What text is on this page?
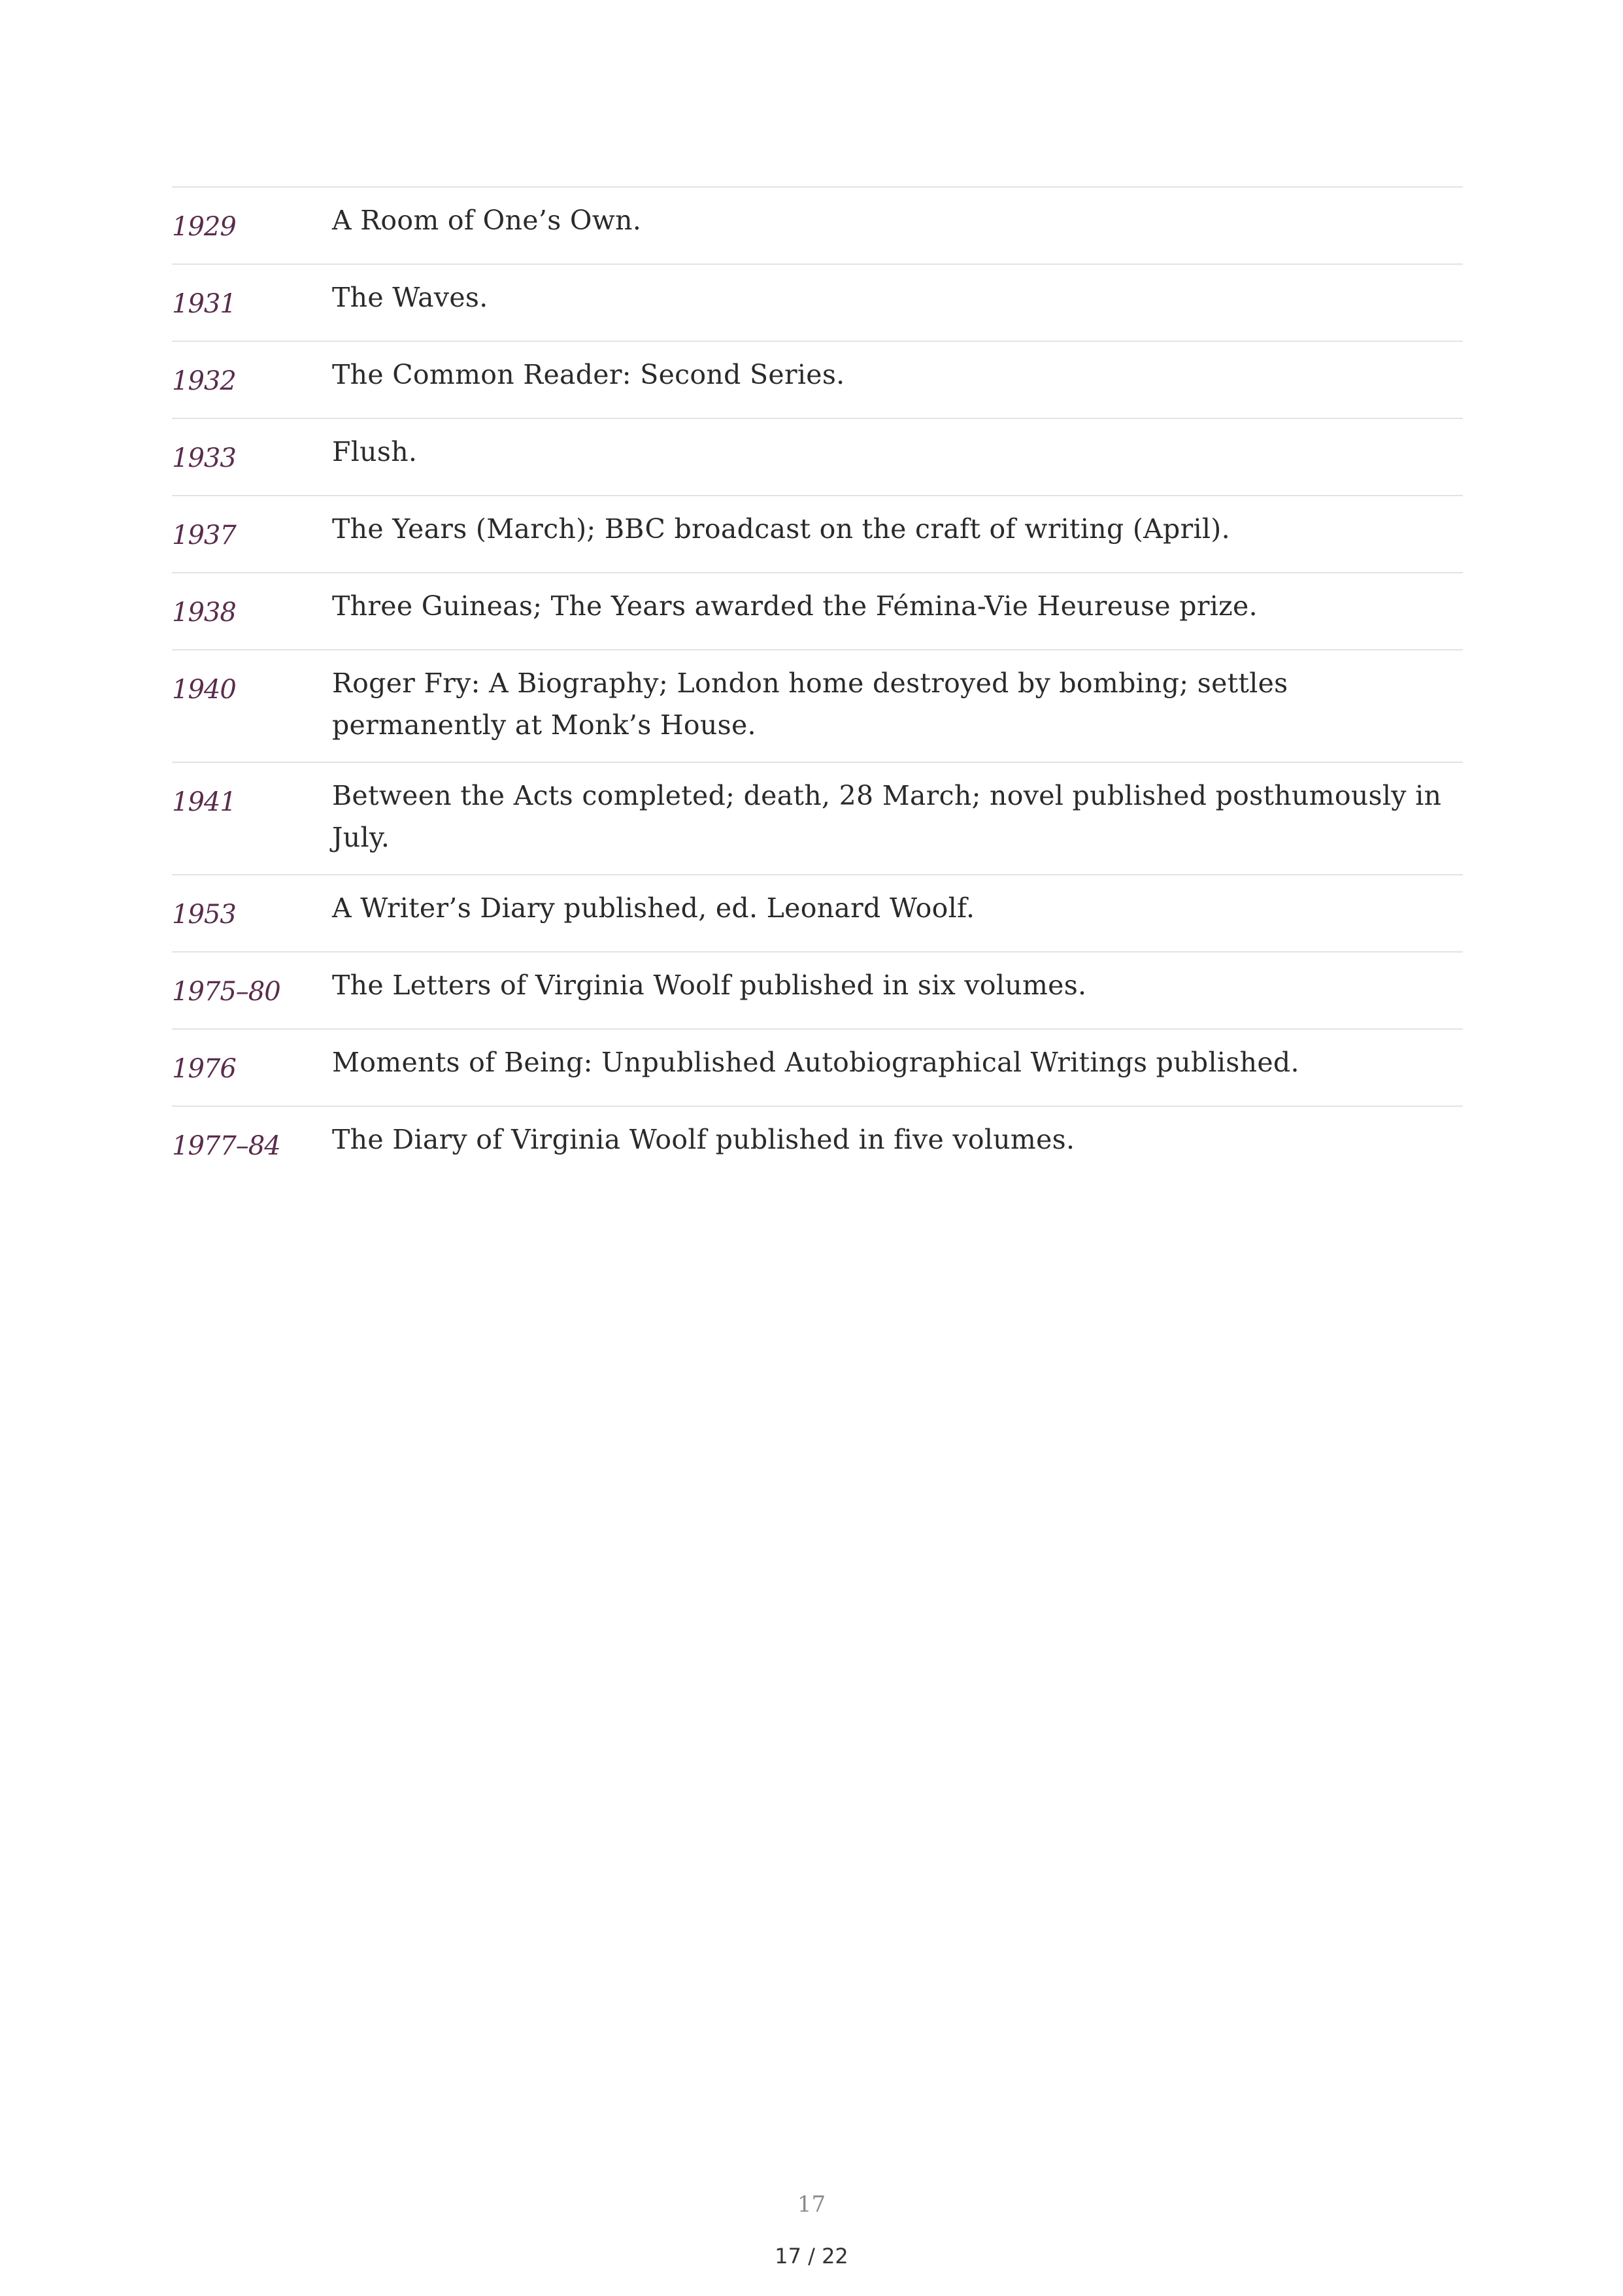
1929	A Room of One’s Own.
1931	The Waves.
1932	The Common Reader: Second Series.
1933	Flush.
1937	The Years (March); BBC broadcast on the craft of writing (April).
1938	Three Guineas; The Years awarded the Fémina-Vie Heureuse prize.
1940	Roger Fry: A Biography; London home destroyed by bombing; settles permanently at Monk’s House.
1941	Between the Acts completed; death, 28 March; novel published posthumously in July.
1953	A Writer’s Diary published, ed. Leonard Woolf.
1975–80	The Letters of Virginia Woolf published in six volumes.
1976	Moments of Being: Unpublished Autobiographical Writings published.
1977–84	The Diary of Virginia Woolf published in five volumes.
17
17 / 22
